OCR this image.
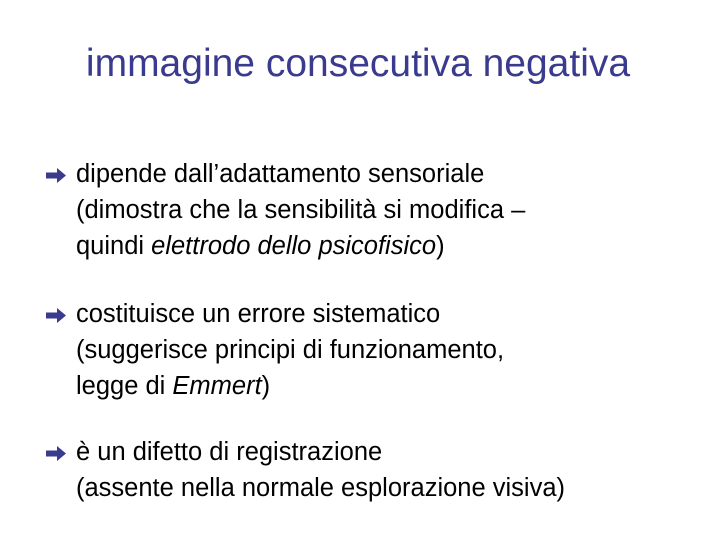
immagine consecutiva negativa
dipende dall’adattamento sensoriale
(dimostra che la sensibilità si modifica –
quindi elettrodo dello psicofisico)
costituisce un errore sistematico
(suggerisce principi di funzionamento,
legge di Emmert)
è un difetto di registrazione
(assente nella normale esplorazione visiva)
